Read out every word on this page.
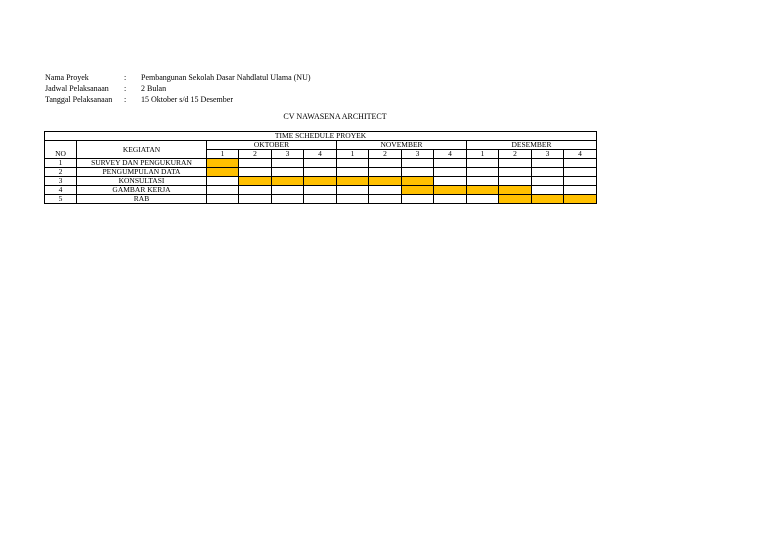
Nama Proyek	:	Pembangunan Sekolah Dasar Nahdlatul Ulama (NU)
Jadwal Pelaksanaan	:	2 Bulan
Tanggal Pelaksanaan	:	15 Oktober s/d 15 Desember
CV NAWASENA ARCHITECT
TIME SCHEDULE PROYEK													
	KEGIATAN	OKTOBER				NOVEMBER				DESEMBER			
NO		1	2	3	4	1	2	3	4	1	2	3	4
1	SURVEY DAN PENGUKURAN												
2	PENGUMPULAN DATA												
3	KONSULTASI												
4	GAMBAR KERJA												
5	RAB												
